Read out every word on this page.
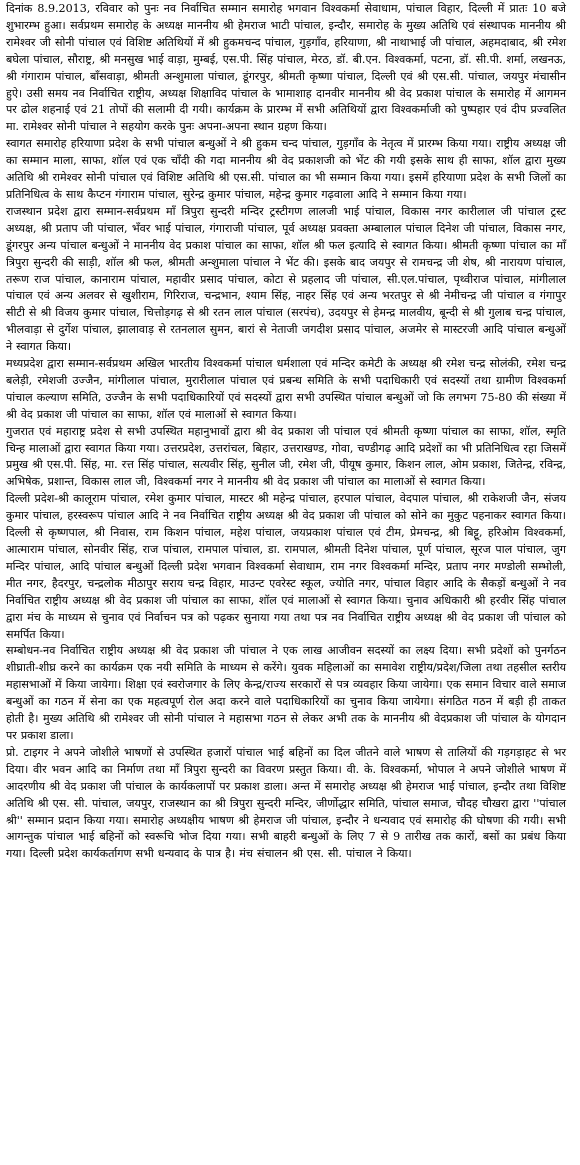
दिनांक 8.9.2013, रविवार को पुनः नव निर्वाचित सम्मान समारोह भगवान विश्वकर्मा सेवाधाम, पांचाल विहार, दिल्ली में प्रातः 10 बजे शुभारम्भ हुआ। सर्वप्रथम समारोह के अध्यक्ष माननीय श्री हेमराज भाटी पांचाल, इन्दौर, समारोह के मुख्य अतिथि एवं संस्थापक माननीय श्री रामेश्वर जी सोनी पांचाल एवं विशिष्ट अतिथियों में श्री हुकमचन्द पांचाल, गुड़गाँव, हरियाणा, श्री नाथाभाई जी पांचाल, अहमदाबाद, श्री रमेश बघेला पांचाल, सौराष्ट्र, श्री मनसुख भाई वाड़ा, मुम्बई, एस.पी. सिंह पांचाल, मेरठ, डॉ. बी.एन. विश्वकर्मा, पटना, डॉ. सी.पी. शर्मा, लखनऊ, श्री गंगाराम पांचाल, बाँसवाड़ा, श्रीमती अन्शुमाला पांचाल, डूंगरपुर, श्रीमती कृष्णा पांचाल, दिल्ली एवं श्री एस.सी. पांचाल, जयपुर मंचासीन हुऐ। उसी समय नव निर्वाचित राष्ट्रीय, अध्यक्ष शिक्षाविद पांचाल के भामाशाह दानवीर माननीय श्री वेद प्रकाश पांचाल के समारोह में आगमन पर ढोल शहनाई एवं 21 तोपों की सलामी दी गयी। कार्यक्रम के प्रारम्भ में सभी अतिथियों द्वारा विश्वकर्माजी को पुष्पहार एवं दीप प्रज्वलित मा. रामेश्वर सोनी पांचाल ने सहयोग करके पुनः अपना-अपना स्थान ग्रहण किया।

स्वागत समारोह हरियाणा प्रदेश के सभी पांचाल बन्धुओं ने श्री हुकम चन्द पांचाल, गुड़गाँव के नेतृत्व में प्रारम्भ किया गया। राष्ट्रीय अध्यक्ष जी का सम्मान माला, साफा, शॉल एवं एक चाँदी की गदा माननीय श्री वेद प्रकाशजी को भेंट की गयी इसके साथ ही साफा, शॉल द्वारा मुख्य अतिथि श्री रामेश्वर सोनी पांचाल एवं विशिष्ट अतिथि श्री एस.सी. पांचाल का भी सम्मान किया गया। इसमें हरियाणा प्रदेश के सभी जिलों का प्रतिनिधित्व के साथ कैप्टन गंगाराम पांचाल, सुरेन्द्र कुमार पांचाल, महेन्द्र कुमार गढ़वाला आदि ने सम्मान किया गया।

राजस्थान प्रदेश द्वारा सम्मान-सर्वप्रथम माँ त्रिपुरा सुन्दरी मन्दिर ट्रस्टीगण लालजी भाई पांचाल, विकास नगर कारीलाल जी पांचाल ट्रस्ट अध्यक्ष, श्री प्रताप जी पांचाल, भँवर भाई पांचाल, गंगाराजी पांचाल, पूर्व अध्यक्ष प्रवक्ता अम्बालाल पांचाल दिनेश जी पांचाल, विकास नगर, डूंगरपुर अन्य पांचाल बन्धुओं ने माननीय वेद प्रकाश पांचाल का साफा, शॉल श्री फल इत्यादि से स्वागत किया। श्रीमती कृष्णा पांचाल का माँ त्रिपुरा सुन्दरी की साड़ी, शॉल श्री फल, श्रीमती अन्शुमाला पांचाल ने भेंट की। इसके बाद जयपुर से रामचन्द्र जी शेष, श्री नारायण पांचाल, तरूण राज पांचाल, कानाराम पांचाल, महावीर प्रसाद पांचाल, कोटा से प्रहलाद जी पांचाल, सी.एल.पांचाल, पृथ्वीराज पांचाल, मांगीलाल पांचाल एवं अन्य अलवर से खुशीराम, गिरिराज, चन्द्रभान, श्याम सिंह, नाहर सिंह एवं अन्य भरतपुर से श्री नेमीचन्द्र जी पांचाल व गंगापुर सीटी से श्री विजय कुमार पांचाल, चित्तोड़गढ़ से श्री रतन लाल पांचाल (सरपंच), उदयपुर से हेमन्द्र मालवीय, बून्दी से श्री गुलाब चन्द्र पांचाल, भीलवाड़ा से दुर्गेश पांचाल, झालावाड़ से रतनलाल सुमन, बारां से नेताजी जगदीश प्रसाद पांचाल, अजमेर से मास्टरजी आदि पांचाल बन्धुओं ने स्वागत किया।

मध्यप्रदेश द्वारा सम्मान-सर्वप्रथम अखिल भारतीय विश्वकर्मा पांचाल धर्मशाला एवं मन्दिर कमेटी के अध्यक्ष श्री रमेश चन्द्र सोलंकी, रमेश चन्द्र बलेड़ी, रमेशजी उज्जैन, मांगीलाल पांचाल, मुरारीलाल पांचाल एवं प्रबन्ध समिति के सभी पदाधिकारी एवं सदस्यों तथा ग्रामीण विश्वकर्मा पांचाल कल्याण समिति, उज्जैन के सभी पदाधिकारियों एवं सदस्यों द्वारा सभी उपस्थित पांचाल बन्धुओं जो कि लगभग 75-80 की संख्या में श्री वेद प्रकाश जी पांचाल का साफा, शॉल एवं मालाओं से स्वागत किया।

गुजरात एवं महाराष्ट्र प्रदेश से सभी उपस्थित महानुभावों द्वारा श्री वेद प्रकाश जी पांचाल एवं श्रीमती कृष्णा पांचाल का साफा, शॉल, स्मृति चिन्ह मालाओं द्वारा स्वागत किया गया। उत्तरप्रदेश, उत्तरांचल, बिहार, उत्तराखण्ड, गोवा, चण्डीगढ़ आदि प्रदेशों का भी प्रतिनिधित्व रहा जिसमें प्रमुख श्री एस.पी. सिंह, मा. रत्त सिंह पांचाल, सत्यवीर सिंह, सुनील जी, रमेश जी, पीयूष कुमार, किशन लाल, ओम प्रकाश, जितेन्द्र, रविन्द्र, अभिषेक, प्रशान्त, विकास लाल जी, विश्वकर्मा नगर ने माननीय श्री वेद प्रकाश जी पांचाल का मालाओं से स्वागत किया।

दिल्ली प्रदेश-श्री कालूराम पांचाल, रमेश कुमार पांचाल, मास्टर श्री महेन्द्र पांचाल, हरपाल पांचाल, वेदपाल पांचाल, श्री राकेशजी जैन, संजय कुमार पांचाल, हरस्वरूप पांचाल आदि ने नव निर्वाचित राष्ट्रीय अध्यक्ष श्री वेद प्रकाश जी पांचाल को सोने का मुकुट पहनाकर स्वागत किया। दिल्ली से कृष्णपाल, श्री निवास, राम किशन पांचाल, महेश पांचाल, जयप्रकाश पांचाल एवं टीम, प्रेमचन्द्र, श्री बिट्टू, हरिओम विश्वकर्मा, आत्माराम पांचाल, सोनवीर सिंह, राज पांचाल, रामपाल पांचाल, डा. रामपाल, श्रीमती दिनेश पांचाल, पूर्ण पांचाल, सूरज पाल पांचाल, जुग मन्दिर पांचाल, आदि पांचाल बन्धुओं दिल्ली प्रदेश भगवान विश्वकर्मा सेवाधाम, राम नगर विश्वकर्मा मन्दिर, प्रताप नगर मण्डोली सम्भोली, मीत नगर, हैदरपुर, चन्द्रलोक मीठापुर सराय चन्द्र विहार, माउन्ट एवरेस्ट स्कूल, ज्योति नगर, पांचाल विहार आदि के सैकड़ों बन्धुओं ने नव निर्वाचित राष्ट्रीय अध्यक्ष श्री वेद प्रकाश जी पांचाल का साफा, शॉल एवं मालाओं से स्वागत किया। चुनाव अधिकारी श्री हरवीर सिंह पांचाल द्वारा मंच के माध्यम से चुनाव एवं निर्वाचन पत्र को पढ़कर सुनाया गया तथा पत्र नव निर्वाचित राष्ट्रीय अध्यक्ष श्री वेद प्रकाश जी पांचाल को समर्पित किया।

सम्बोधन-नव निर्वाचित राष्ट्रीय अध्यक्ष श्री वेद प्रकाश जी पांचाल ने एक लाख आजीवन सदस्यों का लक्ष्य दिया। सभी प्रदेशों को पुनर्गठन शीघ्राती-शीघ्र करने का कार्यक्रम एक नयी समिति के माध्यम से करेंगे। युवक महिलाओं का समावेश राष्ट्रीय/प्रदेश/जिला तथा तहसील स्तरीय महासभाओं में किया जायेगा। शिक्षा एवं स्वरोजगार के लिए केन्द्र/राज्य सरकारों से पत्र व्यवहार किया जायेगा। एक समान विचार वाले समाज बन्धुओं का गठन में सेना का एक महत्वपूर्ण रोल अदा करने वाले पदाधिकारियों का चुनाव किया जायेगा। संगठित गठन में बड़ी ही ताकत होती है। मुख्य अतिथि श्री रामेश्वर जी सोनी पांचाल ने महासभा गठन से लेकर अभी तक के माननीय श्री वेदप्रकाश जी पांचाल के योगदान पर प्रकाश डाला।

प्रो. टाइगर ने अपने जोशीले भाषणों से उपस्थित हजारों पांचाल भाई बहिनों का दिल जीतने वाले भाषण से तालियों की गड़गड़ाहट से भर दिया। वीर भवन आदि का निर्माण तथा माँ त्रिपुरा सुन्दरी का विवरण प्रस्तुत किया। वी. के. विश्वकर्मा, भोपाल ने अपने जोशीले भाषण में आदरणीय श्री वेद प्रकाश जी पांचाल के कार्यकलापों पर प्रकाश डाला। अन्त में समारोह अध्यक्ष श्री हेमराज भाई पांचाल, इन्दौर तथा विशिष्ट अतिथि श्री एस. सी. पांचाल, जयपुर, राजस्थान का श्री त्रिपुरा सुन्दरी मन्दिर, जीर्णोद्धार समिति, पांचाल समाज, चौदह चौखरा द्वारा ''पांचाल श्री'' सम्मान प्रदान किया गया। समारोह अध्यक्षीय भाषण श्री हेमराज जी पांचाल, इन्दौर ने धन्यवाद एवं समारोह की घोषणा की गयी। सभी आगन्तुक पांचाल भाई बहिनों को स्वरूचि भोज दिया गया। सभी बाहरी बन्धुओं के लिए 7 से 9 तारीख तक कारों, बसों का प्रबंध किया गया। दिल्ली प्रदेश कार्यकर्तागण सभी धन्यवाद के पात्र है। मंच संचालन श्री एस. सी. पांचाल ने किया।
